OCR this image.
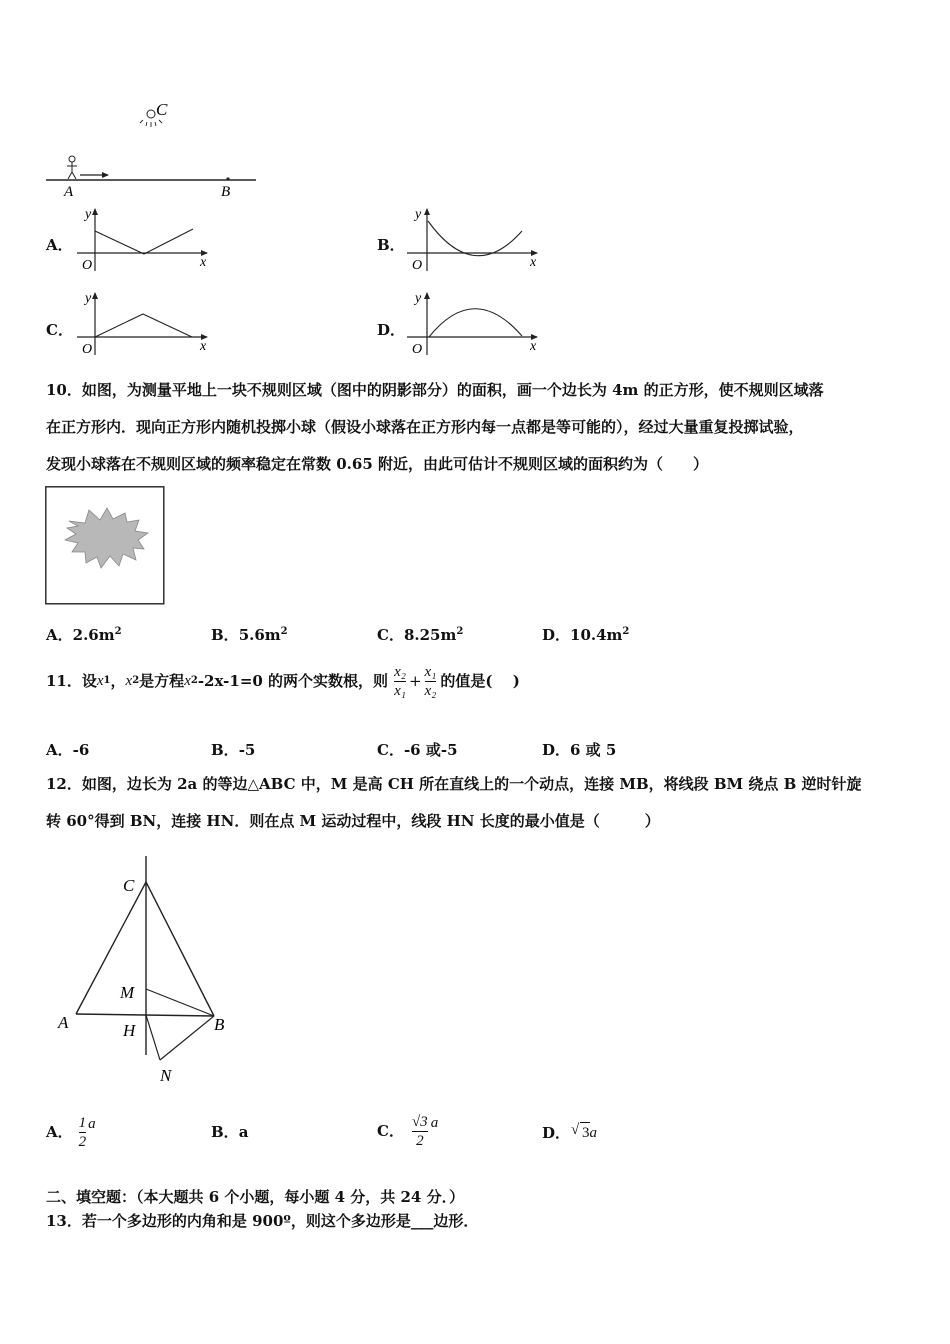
C
A	B
A．
y
x
O
B．
y
x
O
C．
y
x
O
D．
y
x
O
10．如图，为测量平地上一块不规则区域（图中的阴影部分）的面积，画一个边长为 4m 的正方形，使不规则区域落
在正方形内．现向正方形内随机投掷小球（假设小球落在正方形内每一点都是等可能的），经过大量重复投掷试验，
发现小球落在不规则区域的频率稳定在常数 0.65 附近，由此可估计不规则区域的面积约为（　　）
A．$2.6m^2$	B．$5.6m^2$	C．$8.25m^2$	D．$10.4m^2$
11．设 x 1 ， x 2 是方程 x 2 -2x-1=0 的两个实数根，则 $\frac{\text{x₂}}{\text{x₁}} + \frac{\text{x₁}}{\text{x₂}}$ 的值是(　 )
A．-6	B．-5	C．-6 或-5	D．6 或 5
12．如图，边长为 2a 的等边△ABC 中，M 是高 CH 所在直线上的一个动点，连接 MB，将线段 BM 绕点 B 逆时针旋
转 60°得到 BN，连接 HN．则在点 M 运动过程中，线段 HN 长度的最小值是（　　　）
C
M
A	H	B
N
A． $\frac{1}{2}$ a	B．a	C． $\frac{√3}{2}$ a
D． √ 3 a
二、填空题：（本大题共 6 个小题，每小题 4 分，共 24 分．）
13．若一个多边形的内角和是 900º，则这个多边形是___边形．
